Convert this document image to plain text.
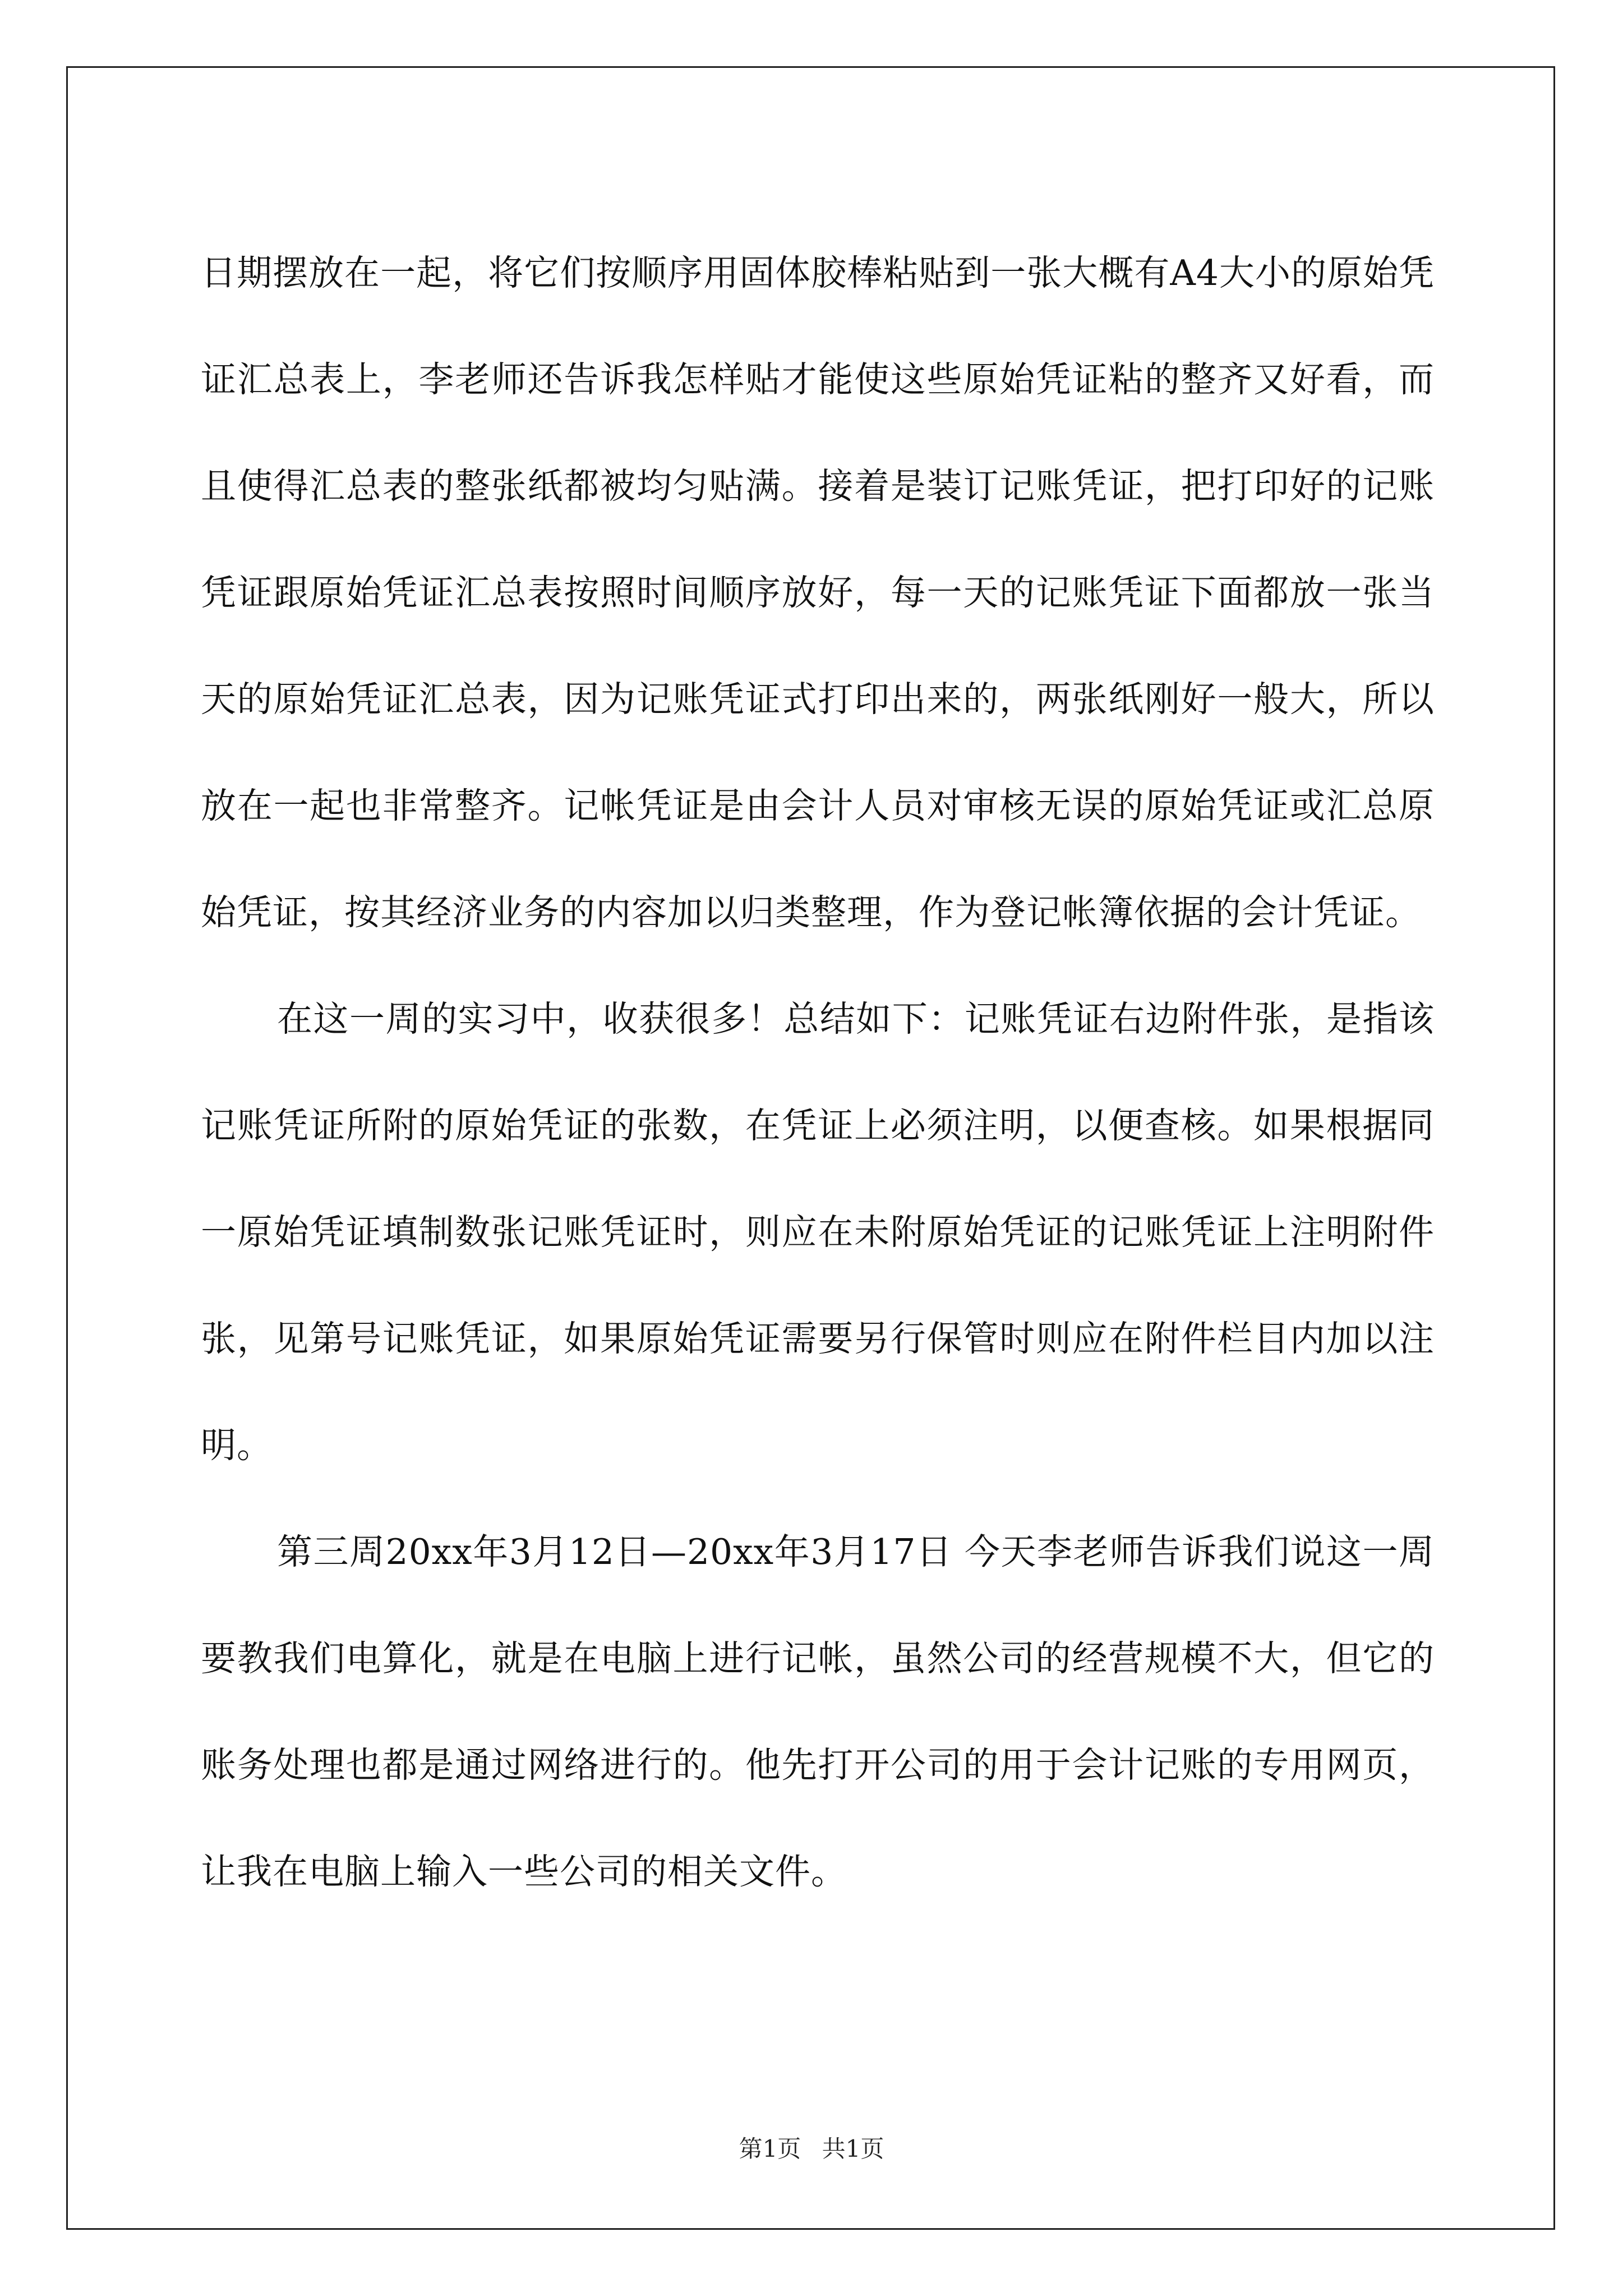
日期摆放在一起，将它们按顺序用固体胶棒粘贴到一张大概有A4大小的原始凭证汇总表上，李老师还告诉我怎样贴才能使这些原始凭证粘的整齐又好看，而且使得汇总表的整张纸都被均匀贴满。接着是装订记账凭证，把打印好的记账凭证跟原始凭证汇总表按照时间顺序放好，每一天的记账凭证下面都放一张当天的原始凭证汇总表，因为记账凭证式打印出来的，两张纸刚好一般大，所以放在一起也非常整齐。记帐凭证是由会计人员对审核无误的原始凭证或汇总原始凭证，按其经济业务的内容加以归类整理，作为登记帐簿依据的会计凭证。

在这一周的实习中，收获很多！总结如下：记账凭证右边附件张，是指该记账凭证所附的原始凭证的张数，在凭证上必须注明，以便查核。如果根据同一原始凭证填制数张记账凭证时，则应在未附原始凭证的记账凭证上注明附件张，见第号记账凭证，如果原始凭证需要另行保管时则应在附件栏目内加以注明。

第三周20xx年3月12日—20xx年3月17日 今天李老师告诉我们说这一周要教我们电算化，就是在电脑上进行记帐，虽然公司的经营规模不大，但它的账务处理也都是通过网络进行的。他先打开公司的用于会计记账的专用网页，让我在电脑上输入一些公司的相关文件。

第1页 共1页
